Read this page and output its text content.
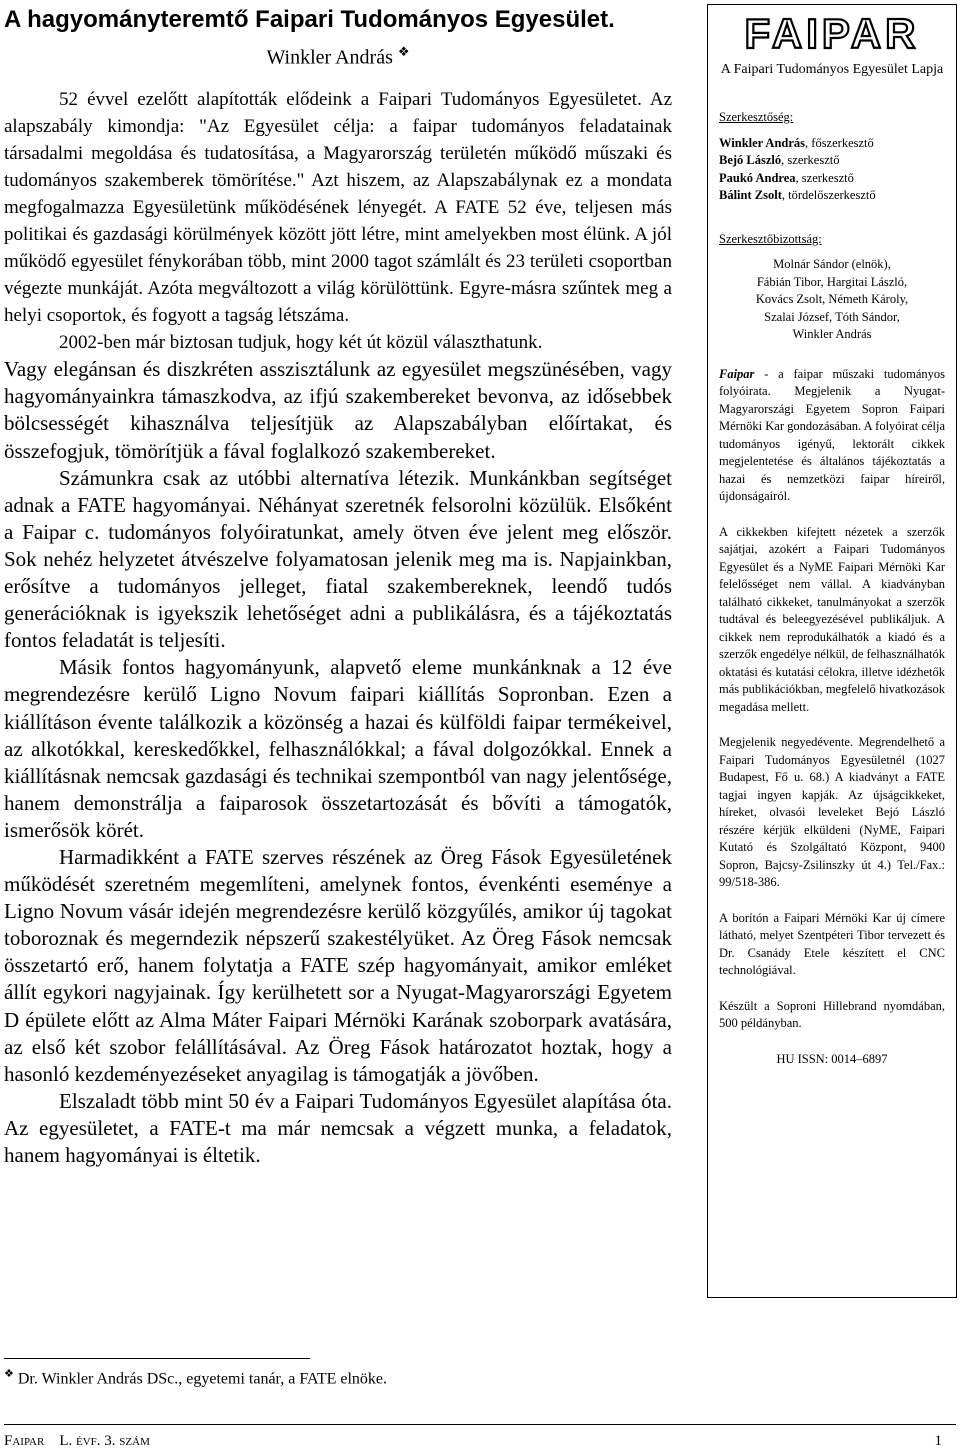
A hagyományteremtő Faipari Tudományos Egyesület.
Winkler András ❖

52 évvel ezelőtt alapították elődeink a Faipari Tudományos Egyesületet. Az alapszabály kimondja: "Az Egyesület célja: a faipar tudományos feladatainak társadalmi megoldása és tudatosítása, a Magyarország területén működő műszaki és tudományos szakemberek tömörítése." Azt hiszem, az Alapszabálynak ez a mondata megfogalmazza Egyesületünk működésének lényegét. A FATE 52 éve, teljesen más politikai és gazdasági körülmények között jött létre, mint amelyekben most élünk. A jól működő egyesület fénykorában több, mint 2000 tagot számlált és 23 területi csoportban végezte munkáját. Azóta megváltozott a világ körülöttünk. Egyre-másra szűntek meg a helyi csoportok, és fogyott a tagság létszáma.

2002-ben már biztosan tudjuk, hogy két út közül választhatunk.

Vagy elegánsan és diszkréten asszisztálunk az egyesület megszünésében, vagy hagyományainkra támaszkodva, az ifjú szakembereket bevonva, az idősebbek bölcsességét kihasználva teljesítjük az Alapszabályban előírtakat, és összefogjuk, tömörítjük a fával foglalkozó szakembereket.

Számunkra csak az utóbbi alternatíva létezik. Munkánkban segítséget adnak a FATE hagyományai. Néhányat szeretnék felsorolni közülük. Elsőként a Faipar c. tudományos folyóiratunkat, amely ötven éve jelent meg először. Sok nehéz helyzetet átvészelve folyamatosan jelenik meg ma is. Napjainkban, erősítve a tudományos jelleget, fiatal szakembereknek, leendő tudós generációknak is igyekszik lehetőséget adni a publikálásra, és a tájékoztatás fontos feladatát is teljesíti.

Másik fontos hagyományunk, alapvető eleme munkánknak a 12 éve megrendezésre kerülő Ligno Novum faipari kiállítás Sopronban. Ezen a kiállításon évente találkozik a közönség a hazai és külföldi faipar termékeivel, az alkotókkal, kereskedőkkel, felhasználókkal; a fával dolgozókkal. Ennek a kiállításnak nemcsak gazdasági és technikai szempontból van nagy jelentősége, hanem demonstrálja a faiparosok összetartozását és bővíti a támogatók, ismerősök körét.

Harmadikként a FATE szerves részének az Öreg Fások Egyesületének működését szeretném megemlíteni, amelynek fontos, évenkénti eseménye a Ligno Novum vásár idején megrendezésre kerülő közgyűlés, amikor új tagokat toboroznak és megerndezik népszerű szakestélyüket. Az Öreg Fások nemcsak összetartó erő, hanem folytatja a FATE szép hagyományait, amikor emléket állít egykori nagyjainak. Így kerülhetett sor a Nyugat-Magyarországi Egyetem D épülete előtt az Alma Máter Faipari Mérnöki Karának szoborpark avatására, az első két szobor felállításával. Az Öreg Fások határozatot hoztak, hogy a hasonló kezdeményezéseket anyagilag is támogatják a jövőben.

Elszaladt több mint 50 év a Faipari Tudományos Egyesület alapítása óta. Az egyesületet, a FATE-t ma már nemcsak a végzett munka, a feladatok, hanem hagyományai is éltetik.

FAIPAR
A Faipari Tudományos Egyesület Lapja
Szerkesztőség:
Winkler András, főszerkesztő
Bejó László, szerkesztő
Paukó Andrea, szerkesztő
Bálint Zsolt, tördelőszerkesztő
Szerkesztőbizottság:
Molnár Sándor (elnök),
Fábián Tibor, Hargitai László,
Kovács Zsolt, Németh Károly,
Szalai József, Tóth Sándor,
Winkler András

Faipar - a faipar műszaki tudományos folyóirata. Megjelenik a Nyugat-Magyarországi Egyetem Sopron Faipari Mérnöki Kar gondozásában. A folyóirat célja tudományos igényű, lektorált cikkek megjelentetése és általános tájékoztatás a hazai és nemzetközi faipar híreiről, újdonságairól.

A cikkekben kifejtett nézetek a szerzők sajátjai, azokért a Faipari Tudományos Egyesület és a NyME Faipari Mérnöki Kar felelősséget nem vállal. A kiadványban található cikkeket, tanulmányokat a szerzők tudtával és beleegyezésével publikáljuk. A cikkek nem reprodukálhatók a kiadó és a szerzők engedélye nélkül, de felhasználhatók oktatási és kutatási célokra, illetve idézhetők más publikációkban, megfelelő hivatkozások megadása mellett.

Megjelenik negyedévente. Megrendelhető a Faipari Tudományos Egyesületnél (1027 Budapest, Fő u. 68.) A kiadványt a FATE tagjai ingyen kapják. Az újságcikkeket, híreket, olvasói leveleket Bejó László részére kérjük elküldeni (NyME, Faipari Kutató és Szolgáltató Központ, 9400 Sopron, Bajcsy-Zsilinszky út 4.) Tel./Fax.: 99/518-386.

A borítón a Faipari Mérnöki Kar új címere látható, melyet Szentpéteri Tibor tervezett és Dr. Csanády Etele készített el CNC technológiával.

Készült a Soproni Hillebrand nyomdában, 500 példányban.

HU ISSN: 0014–6897
❖ Dr. Winkler András DSc., egyetemi tanár, a FATE elnöke.
Faipar L. évf. 3. szám	1
